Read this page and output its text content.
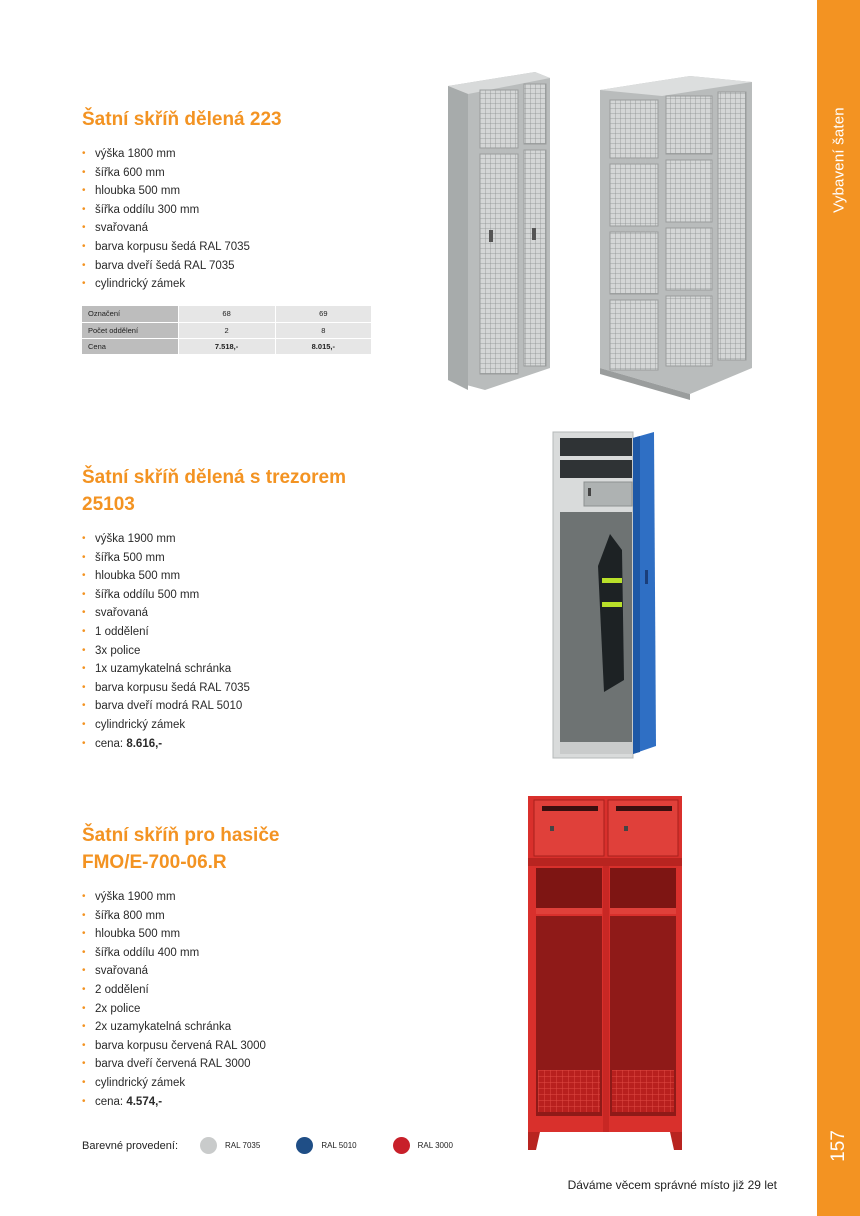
Vybavení šaten
157
Šatní skříň dělená 223
• výška 1800 mm
• šířka 600 mm
• hloubka 500 mm
• šířka oddílu 300 mm
• svařovaná
• barva korpusu šedá RAL 7035
• barva dveří šedá RAL 7035
• cylindrický zámek
Označení	68	69
Počet oddělení	2	8
Cena	7.518,-	8.015,-
Šatní skříň dělená s trezorem
25103
• výška 1900 mm
• šířka 500 mm
• hloubka 500 mm
• šířka oddílu 500 mm
• svařovaná
• 1 oddělení
• 3x police
• 1x uzamykatelná schránka
• barva korpusu šedá RAL 7035
• barva dveří modrá RAL 5010
• cylindrický zámek
• cena: 8.616,-
Šatní skříň pro hasiče
FMO/E-700-06.R
• výška 1900 mm
• šířka 800 mm
• hloubka 500 mm
• šířka oddílu 400 mm
• svařovaná
• 2 oddělení
• 2x police
• 2x uzamykatelná schránka
• barva korpusu červená RAL 3000
• barva dveří červená RAL 3000
• cylindrický zámek
• cena: 4.574,-
Barevné provedení:	RAL 7035	RAL 5010	RAL 3000
Dáváme věcem správné místo již 29 let
